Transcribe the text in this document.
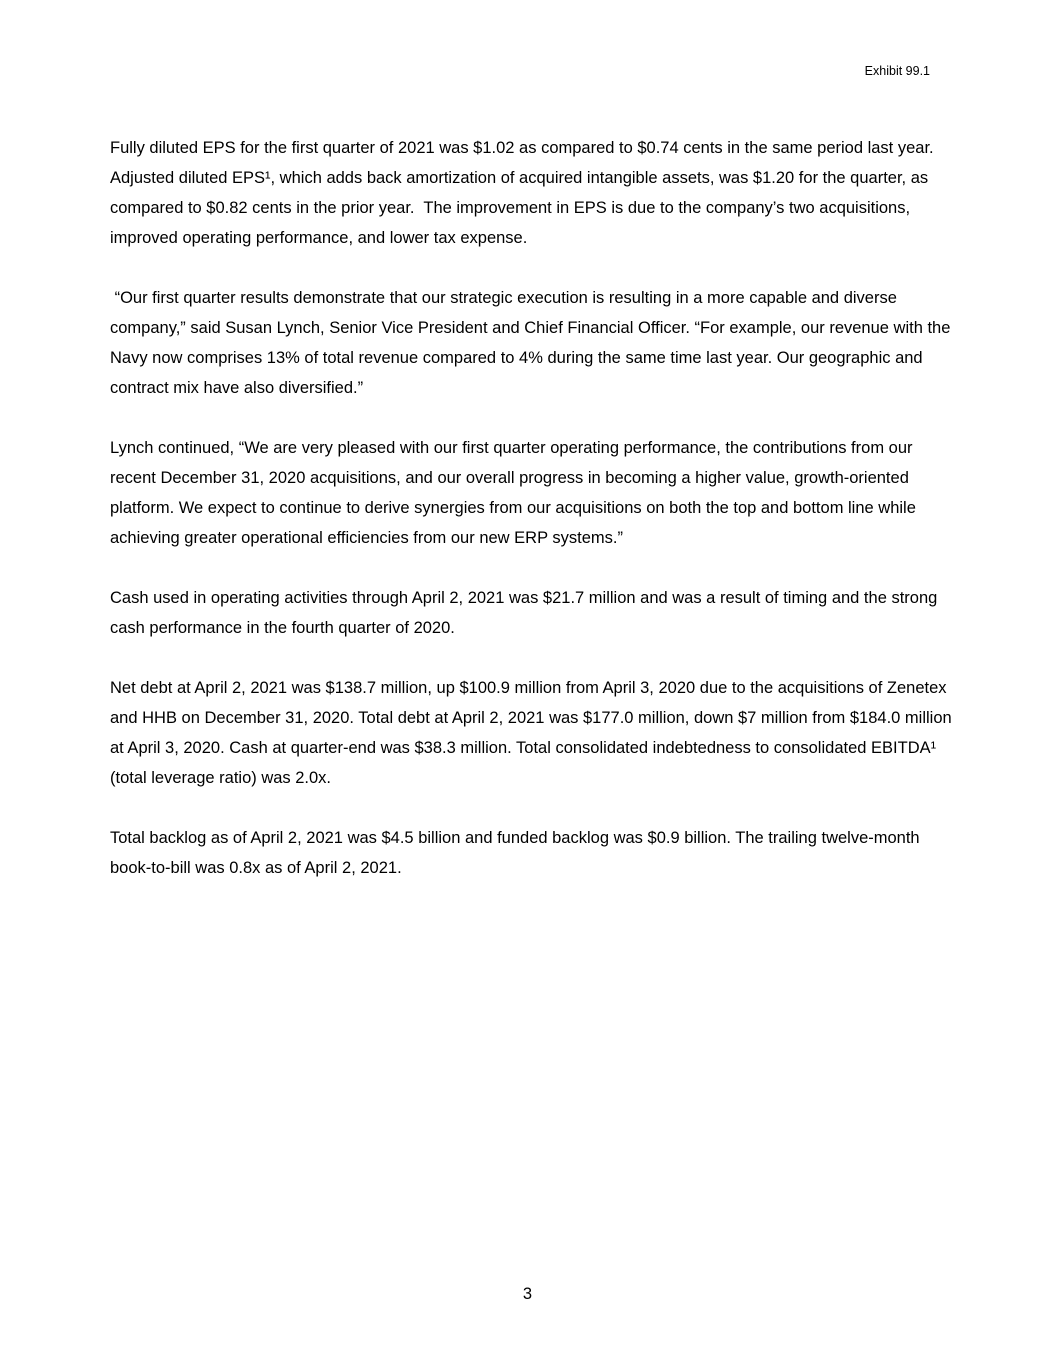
Exhibit 99.1

Fully diluted EPS for the first quarter of 2021 was $1.02 as compared to $0.74 cents in the same period last year. Adjusted diluted EPS¹, which adds back amortization of acquired intangible assets, was $1.20 for the quarter, as compared to $0.82 cents in the prior year.  The improvement in EPS is due to the company’s two acquisitions, improved operating performance, and lower tax expense.

“Our first quarter results demonstrate that our strategic execution is resulting in a more capable and diverse company,” said Susan Lynch, Senior Vice President and Chief Financial Officer. “For example, our revenue with the Navy now comprises 13% of total revenue compared to 4% during the same time last year. Our geographic and contract mix have also diversified.”

Lynch continued, “We are very pleased with our first quarter operating performance, the contributions from our recent December 31, 2020 acquisitions, and our overall progress in becoming a higher value, growth-oriented platform. We expect to continue to derive synergies from our acquisitions on both the top and bottom line while achieving greater operational efficiencies from our new ERP systems.”

Cash used in operating activities through April 2, 2021 was $21.7 million and was a result of timing and the strong cash performance in the fourth quarter of 2020.

Net debt at April 2, 2021 was $138.7 million, up $100.9 million from April 3, 2020 due to the acquisitions of Zenetex and HHB on December 31, 2020. Total debt at April 2, 2021 was $177.0 million, down $7 million from $184.0 million at April 3, 2020. Cash at quarter-end was $38.3 million. Total consolidated indebtedness to consolidated EBITDA¹ (total leverage ratio) was 2.0x.

Total backlog as of April 2, 2021 was $4.5 billion and funded backlog was $0.9 billion. The trailing twelve-month book-to-bill was 0.8x as of April 2, 2021.

3
